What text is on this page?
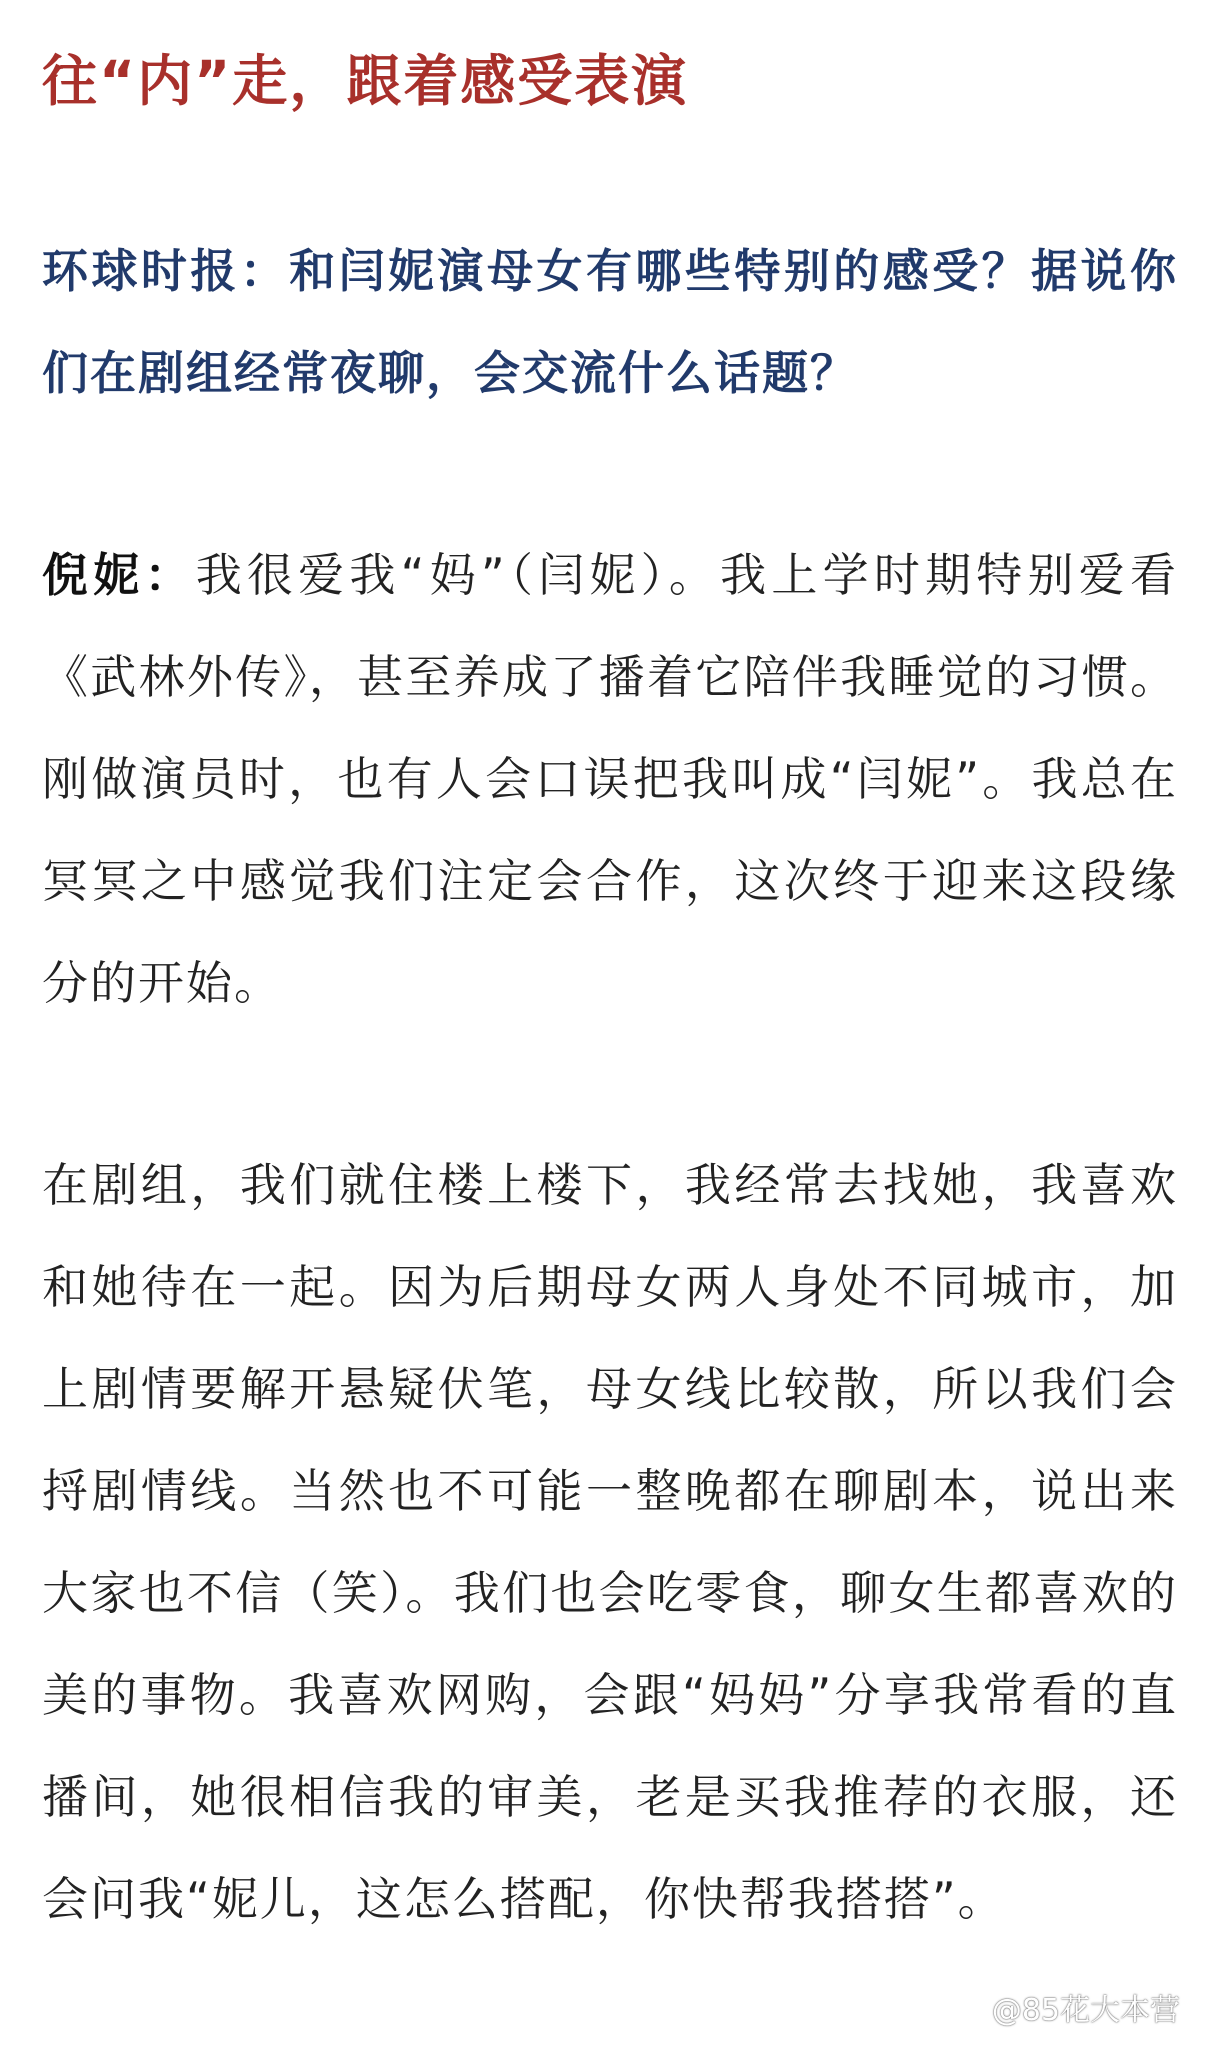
往“内”走，跟着感受表演
环球时报：和闫妮演母女有哪些特别的感受？据说你们在剧组经常夜聊，会交流什么话题？
倪妮：我很爱我“妈”（闫妮）。我上学时期特别爱看《武林外传》，甚至养成了播着它陪伴我睡觉的习惯。刚做演员时，也有人会口误把我叫成“闫妮”。我总在冥冥之中感觉我们注定会合作，这次终于迎来这段缘分的开始。
在剧组，我们就住楼上楼下，我经常去找她，我喜欢和她待在一起。因为后期母女两人身处不同城市，加上剧情要解开悬疑伏笔，母女线比较散，所以我们会捋剧情线。当然也不可能一整晚都在聊剧本，说出来大家也不信（笑）。我们也会吃零食，聊女生都喜欢的美的事物。我喜欢网购，会跟“妈妈”分享我常看的直播间，她很相信我的审美，老是买我推荐的衣服，还会问我“妮儿，这怎么搭配，你快帮我搭搭”。
@85花大本营
